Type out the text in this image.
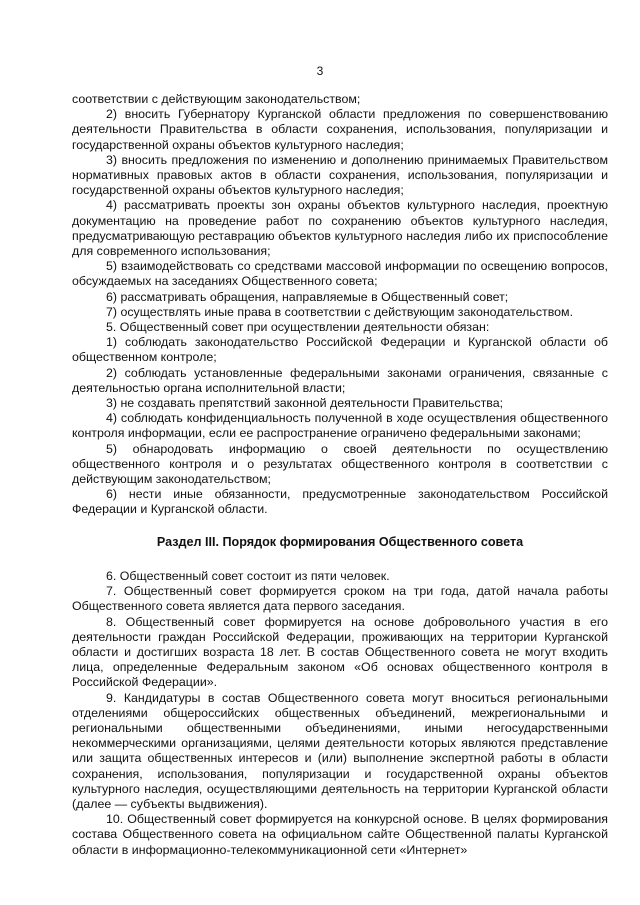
3

соответствии с действующим законодательством;

2) вносить Губернатору Курганской области предложения по совершенствованию деятельности Правительства в области сохранения, использования, популяризации и государственной охраны объектов культурного наследия;

3) вносить предложения по изменению и дополнению принимаемых Правительством нормативных правовых актов в области сохранения, использования, популяризации и государственной охраны объектов культурного наследия;

4) рассматривать проекты зон охраны объектов культурного наследия, проектную документацию на проведение работ по сохранению объектов культурного наследия, предусматривающую реставрацию объектов культурного наследия либо их приспособление для современного использования;

5) взаимодействовать со средствами массовой информации по освещению вопросов, обсуждаемых на заседаниях Общественного совета;

6) рассматривать обращения, направляемые в Общественный совет;

7) осуществлять иные права в соответствии с действующим законодательством.

5. Общественный совет при осуществлении деятельности обязан:

1) соблюдать законодательство Российской Федерации и Курганской области об общественном контроле;

2) соблюдать установленные федеральными законами ограничения, связанные с деятельностью органа исполнительной власти;

3) не создавать препятствий законной деятельности Правительства;

4) соблюдать конфиденциальность полученной в ходе осуществления общественного контроля информации, если ее распространение ограничено федеральными законами;

5) обнародовать информацию о своей деятельности по осуществлению общественного контроля и о результатах общественного контроля в соответствии с действующим законодательством;

6) нести иные обязанности, предусмотренные законодательством Российской Федерации и Курганской области.

Раздел III. Порядок формирования Общественного совета

6. Общественный совет состоит из пяти человек.

7. Общественный совет формируется сроком на три года, датой начала работы Общественного совета является дата первого заседания.

8. Общественный совет формируется на основе добровольного участия в его деятельности граждан Российской Федерации, проживающих на территории Курганской области и достигших возраста 18 лет. В состав Общественного совета не могут входить лица, определенные Федеральным законом «Об основах общественного контроля в Российской Федерации».

9. Кандидатуры в состав Общественного совета могут вноситься региональными отделениями общероссийских общественных объединений, межрегиональными и региональными общественными объединениями, иными негосударственными некоммерческими организациями, целями деятельности которых являются представление или защита общественных интересов и (или) выполнение экспертной работы в области сохранения, использования, популяризации и государственной охраны объектов культурного наследия, осуществляющими деятельность на территории Курганской области (далее — субъекты выдвижения).

10. Общественный совет формируется на конкурсной основе. В целях формирования состава Общественного совета на официальном сайте Общественной палаты Курганской области в информационно-телекоммуникационной сети «Интернет»
